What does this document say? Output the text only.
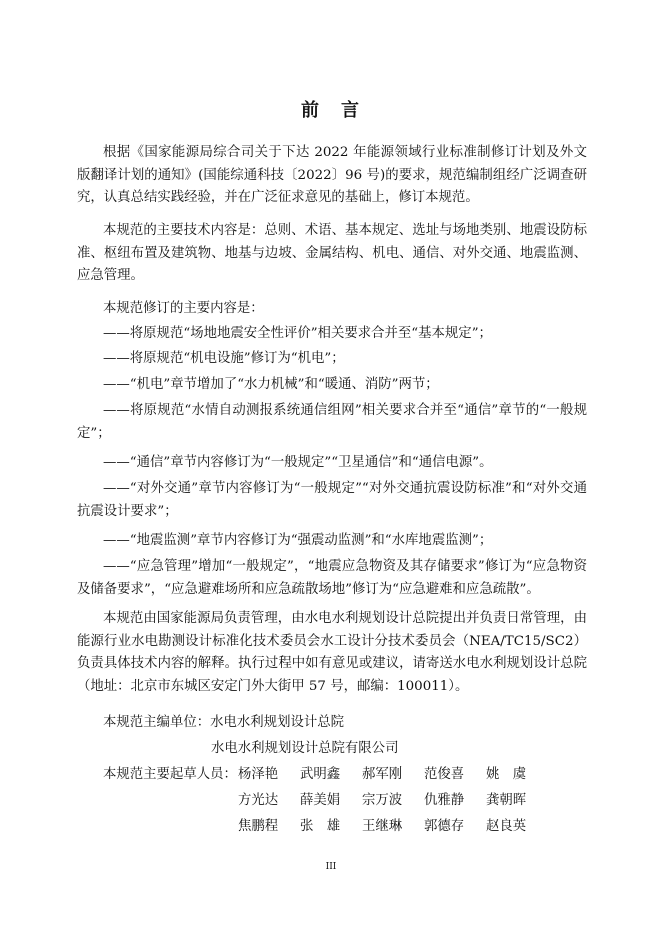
前　言

根据《国家能源局综合司关于下达 2022 年能源领域行业标准制修订计划及外文版翻译计划的通知》(国能综通科技〔2022〕96 号)的要求，规范编制组经广泛调查研究，认真总结实践经验，并在广泛征求意见的基础上，修订本规范。

本规范的主要技术内容是：总则、术语、基本规定、选址与场地类别、地震设防标准、枢纽布置及建筑物、地基与边坡、金属结构、机电、通信、对外交通、地震监测、应急管理。

本规范修订的主要内容是：

——将原规范“场地地震安全性评价”相关要求合并至“基本规定”；

——将原规范“机电设施”修订为“机电”；

——“机电”章节增加了“水力机械”和“暖通、消防”两节；

——将原规范“水情自动测报系统通信组网”相关要求合并至“通信”章节的“一般规定”；

——“通信”章节内容修订为“一般规定”“卫星通信”和“通信电源”。

——“对外交通”章节内容修订为“一般规定”“对外交通抗震设防标准”和“对外交通抗震设计要求”；

——“地震监测”章节内容修订为“强震动监测”和“水库地震监测”；

——“应急管理”增加“一般规定”，“地震应急物资及其存储要求”修订为“应急物资及储备要求”，“应急避难场所和应急疏散场地”修订为“应急避难和应急疏散”。

本规范由国家能源局负责管理，由水电水利规划设计总院提出并负责日常管理，由能源行业水电勘测设计标准化技术委员会水工设计分技术委员会（NEA/TC15/SC2）负责具体技术内容的解释。执行过程中如有意见或建议，请寄送水电水利规划设计总院（地址：北京市东城区安定门外大街甲 57 号，邮编：100011）。

本规范主编单位：水电水利规划设计总院

水电水利规划设计总院有限公司

本规范主要起草人员： 杨泽艳 武明鑫 郝军刚 范俊喜 姚　虞

方光达 薛美娟 宗万波 仇雅静 龚朝晖

焦鹏程 张　雄 王继琳 郭德存 赵良英

III
